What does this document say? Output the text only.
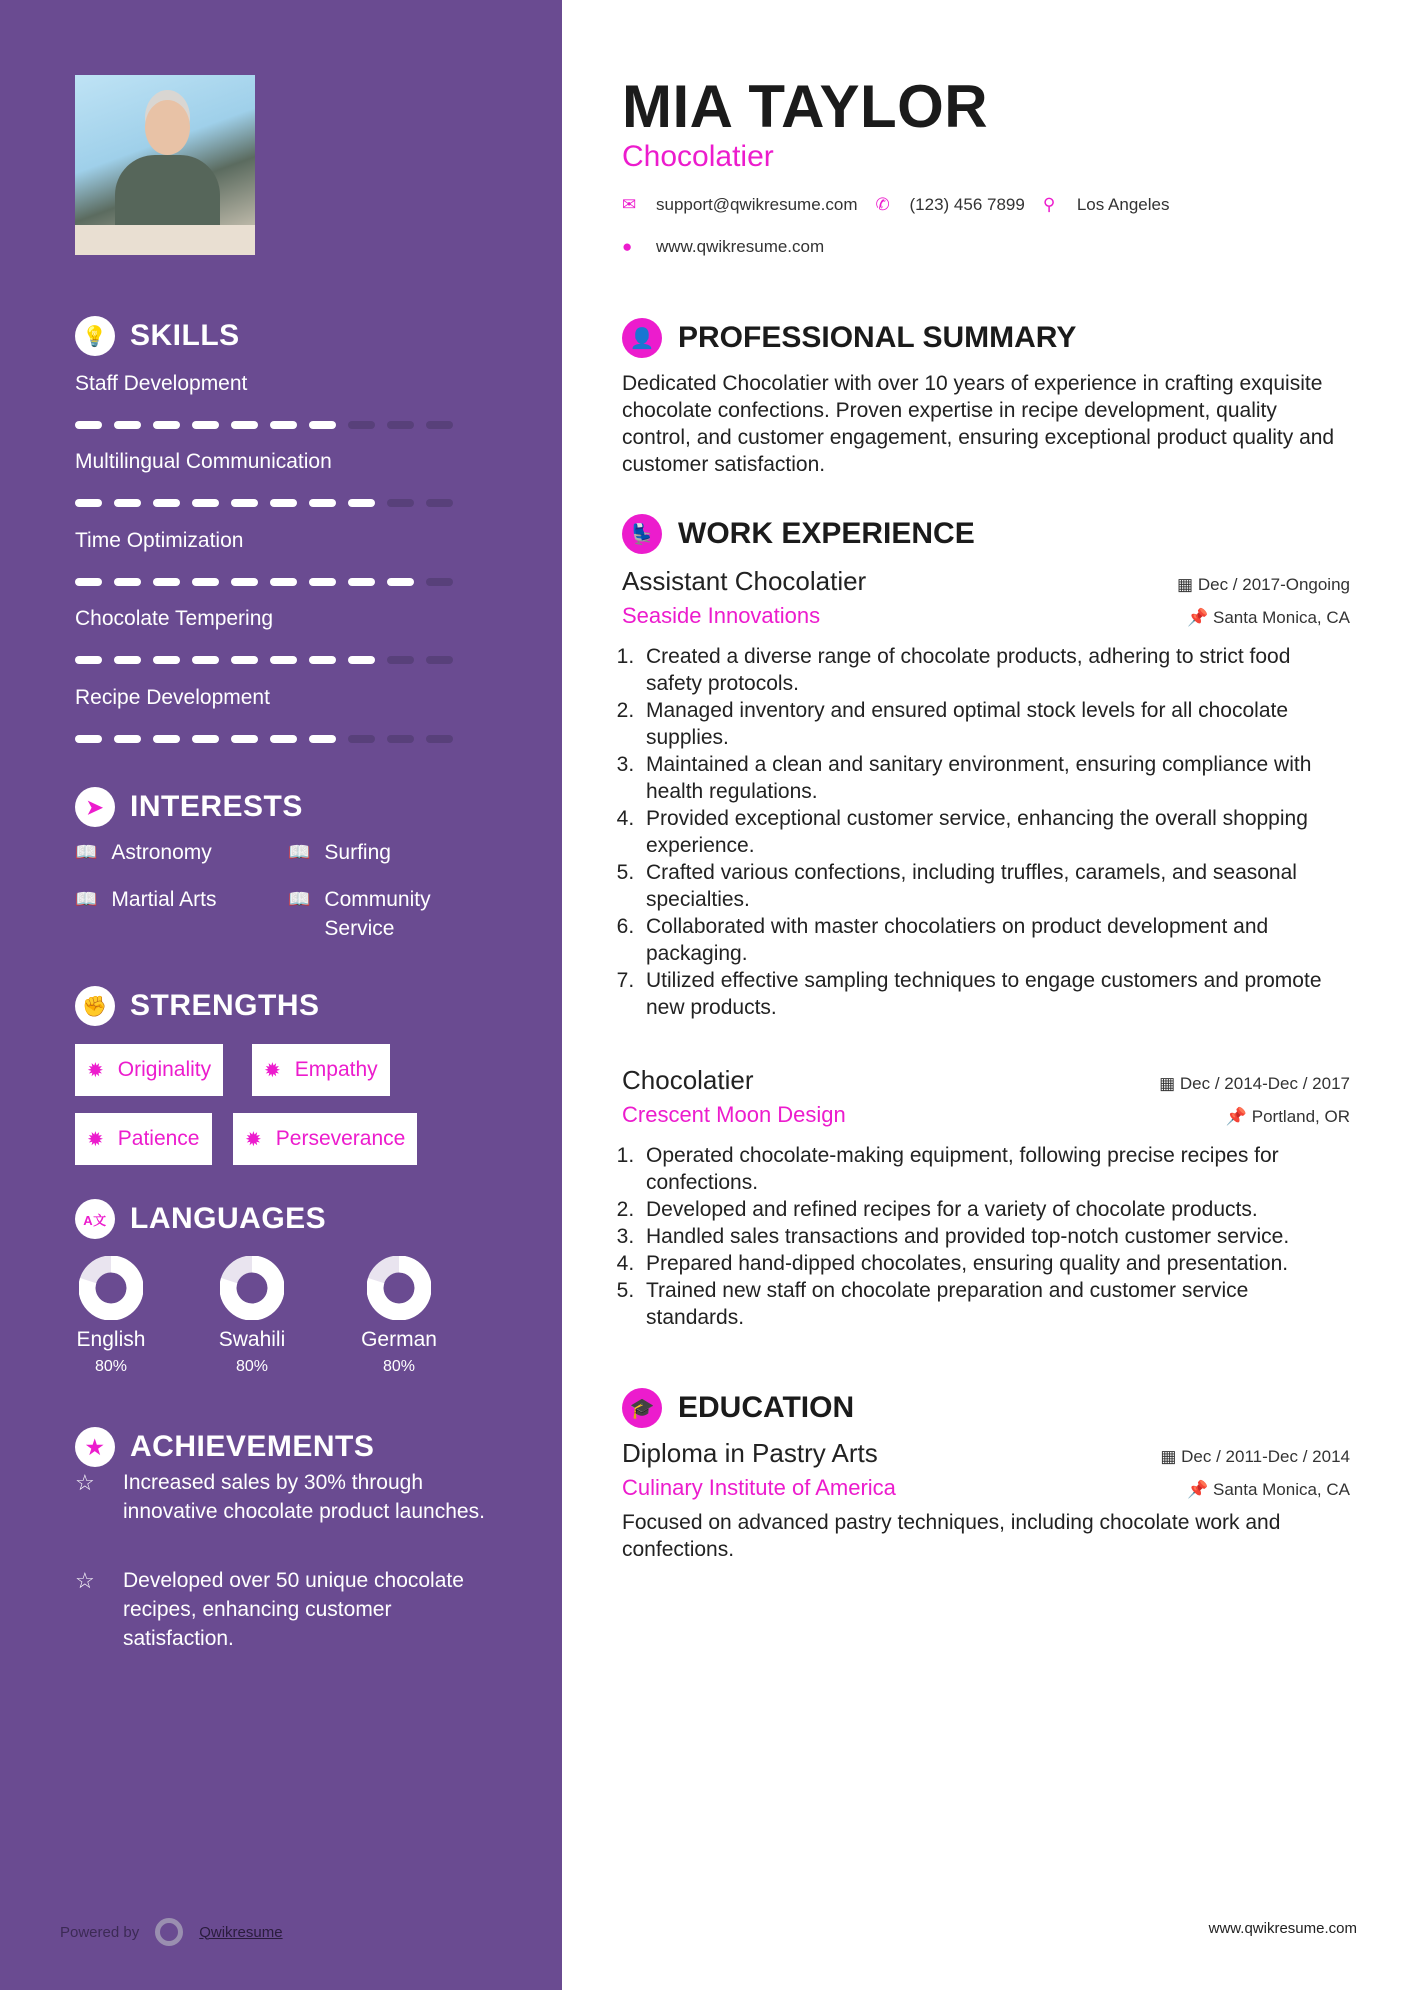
💡 SKILLS
Staff Development
Multilingual Communication
Time Optimization
Chocolate Tempering
Recipe Development
➤ INTERESTS
📖 Astronomy	📖 Surfing
📖 Martial Arts	📖 Community Service
✊ STRENGTHS
✹ Originality	✹ Empathy
✹ Patience ✹ Perseverance
A文 LANGUAGES
English
80%
Swahili
80%
German
80%
★ ACHIEVEMENTS
☆	Increased sales by 30% through innovative chocolate product launches.
☆	Developed over 50 unique chocolate recipes, enhancing customer satisfaction.
Powered by	Qwikresume
MIA TAYLOR
Chocolatier
✉	support@qwikresume.com ✆	(123) 456 7899 ⚲	Los Angeles
●	www.qwikresume.com
👤 PROFESSIONAL SUMMARY
Dedicated Chocolatier with over 10 years of experience in crafting exquisite chocolate confections. Proven expertise in recipe development, quality control, and customer engagement, ensuring exceptional product quality and customer satisfaction.
💺 WORK EXPERIENCE
Assistant Chocolatier	▦ Dec / 2017-Ongoing
Seaside Innovations	📌 Santa Monica, CA
1. Created a diverse range of chocolate products, adhering to strict food safety protocols.
2. Managed inventory and ensured optimal stock levels for all chocolate supplies.
3. Maintained a clean and sanitary environment, ensuring compliance with health regulations.
4. Provided exceptional customer service, enhancing the overall shopping experience.
5. Crafted various confections, including truffles, caramels, and seasonal specialties.
6. Collaborated with master chocolatiers on product development and packaging.
7. Utilized effective sampling techniques to engage customers and promote new products.
Chocolatier	▦ Dec / 2014-Dec / 2017
Crescent Moon Design	📌 Portland, OR
1. Operated chocolate-making equipment, following precise recipes for confections.
2. Developed and refined recipes for a variety of chocolate products.
3. Handled sales transactions and provided top-notch customer service.
4. Prepared hand-dipped chocolates, ensuring quality and presentation.
5. Trained new staff on chocolate preparation and customer service standards.
🎓 EDUCATION
Diploma in Pastry Arts	▦ Dec / 2011-Dec / 2014
Culinary Institute of America	📌 Santa Monica, CA
Focused on advanced pastry techniques, including chocolate work and confections.
www.qwikresume.com
